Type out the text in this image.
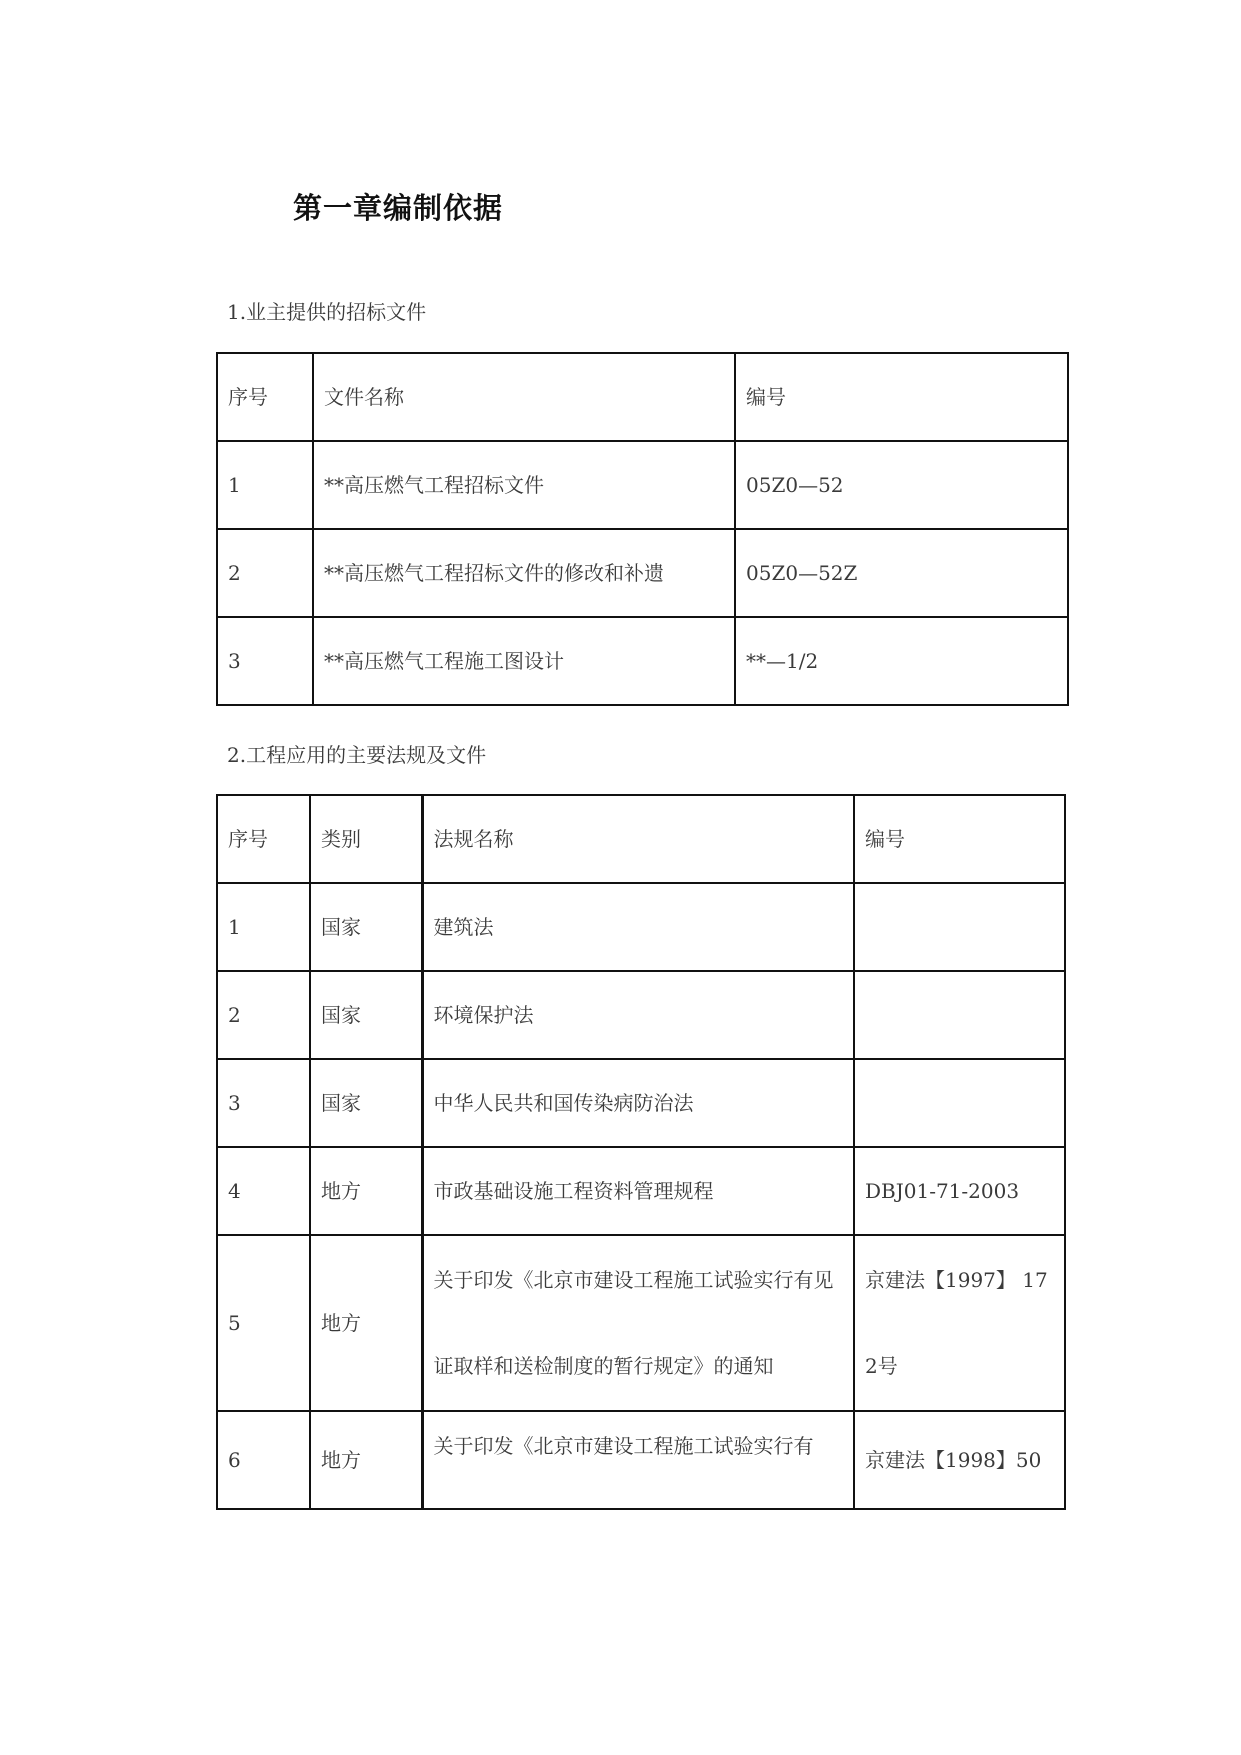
第一章编制依据
1.业主提供的招标文件
序号	文件名称	编号
1	**高压燃气工程招标文件	05Z0—52
2	**高压燃气工程招标文件的修改和补遗	05Z0—52Z
3	**高压燃气工程施工图设计	**—1/2
2.工程应用的主要法规及文件
序号	类别	法规名称	编号
1	国家	建筑法	
2	国家	环境保护法	
3	国家	中华人民共和国传染病防治法	
4	地方	市政基础设施工程资料管理规程	DBJ01-71-2003
5	地方	关于印发《北京市建设工程施工试验实行有见证取样和送检制度的暂行规定》的通知	京建法【1997】 172号
6	地方	关于印发《北京市建设工程施工试验实行有	京建法【1998】50
